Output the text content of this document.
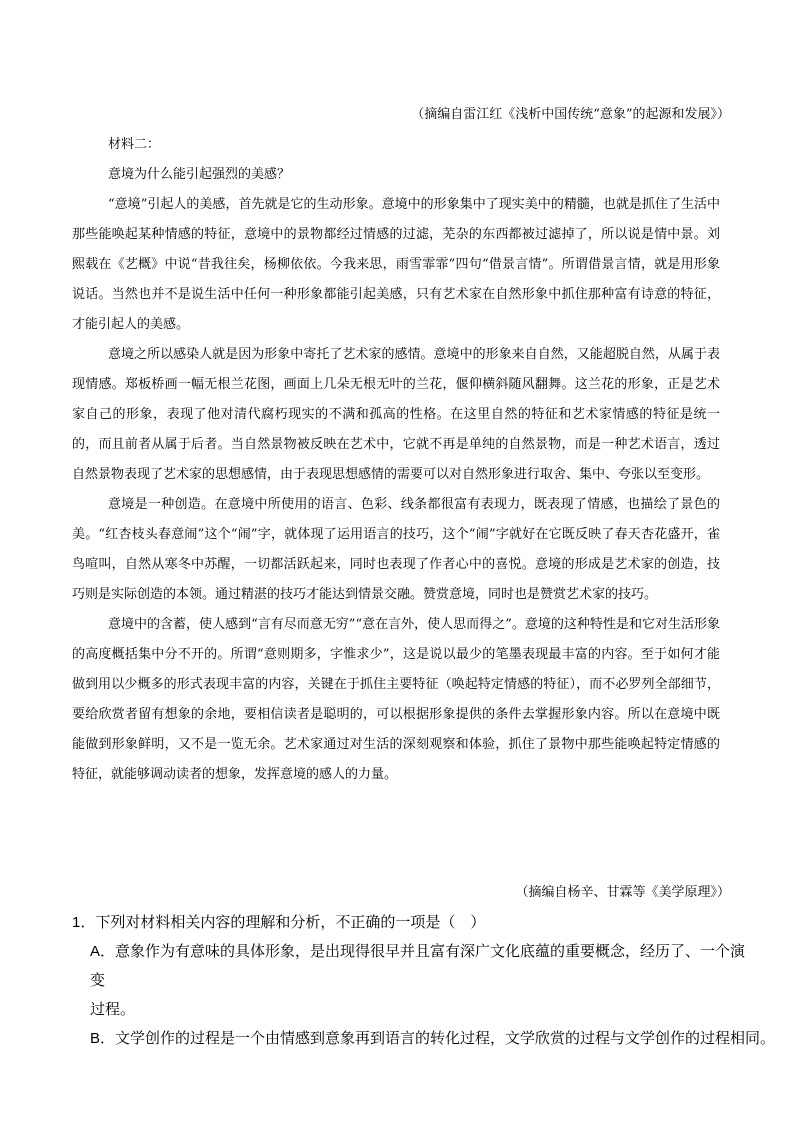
（摘编自雷江红《浅析中国传统“意象”的起源和发展》）
材料二：
意境为什么能引起强烈的美感？

“意境”引起人的美感，首先就是它的生动形象。意境中的形象集中了现实美中的精髓，也就是抓住了生活中那些能唤起某种情感的特征，意境中的景物都经过情感的过滤，芜杂的东西都被过滤掉了，所以说是情中景。刘熙载在《艺概》中说“昔我往矣，杨柳依依。今我来思，雨雪霏霏”四句“借景言情”。所谓借景言情，就是用形象说话。当然也并不是说生活中任何一种形象都能引起美感，只有艺术家在自然形象中抓住那种富有诗意的特征，才能引起人的美感。

意境之所以感染人就是因为形象中寄托了艺术家的感情。意境中的形象来自自然，又能超脱自然，从属于表现情感。郑板桥画一幅无根兰花图，画面上几朵无根无叶的兰花，偃仰横斜随风翻舞。这兰花的形象，正是艺术家自己的形象，表现了他对清代腐朽现实的不满和孤高的性格。在这里自然的特征和艺术家情感的特征是统一的，而且前者从属于后者。当自然景物被反映在艺术中，它就不再是单纯的自然景物，而是一种艺术语言，透过自然景物表现了艺术家的思想感情，由于表现思想感情的需要可以对自然形象进行取舍、集中、夸张以至变形。

意境是一种创造。在意境中所使用的语言、色彩、线条都很富有表现力，既表现了情感，也描绘了景色的美。“红杏枝头春意闹”这个“闹”字，就体现了运用语言的技巧，这个“闹”字就好在它既反映了春天杏花盛开，雀鸟喧叫，自然从寒冬中苏醒，一切都活跃起来，同时也表现了作者心中的喜悦。意境的形成是艺术家的创造，技巧则是实际创造的本领。通过精湛的技巧才能达到情景交融。赞赏意境，同时也是赞赏艺术家的技巧。

意境中的含蓄，使人感到“言有尽而意无穷”“意在言外，使人思而得之”。意境的这种特性是和它对生活形象的高度概括集中分不开的。所谓“意则期多，字惟求少”，这是说以最少的笔墨表现最丰富的内容。至于如何才能做到用以少概多的形式表现丰富的内容，关键在于抓住主要特征（唤起特定情感的特征），而不必罗列全部细节，要给欣赏者留有想象的余地，要相信读者是聪明的，可以根据形象提供的条件去掌握形象内容。所以在意境中既能做到形象鲜明，又不是一览无余。艺术家通过对生活的深刻观察和体验，抓住了景物中那些能唤起特定情感的特征，就能够调动读者的想象，发挥意境的感人的力量。

（摘编自杨辛、甘霖等《美学原理》）

1．下列对材料相关内容的理解和分析，不正确的一项是（　）

A．意象作为有意味的具体形象，是出现得很早并且富有深广文化底蕴的重要概念，经历了、一个演变
过程。

B．文学创作的过程是一个由情感到意象再到语言的转化过程，文学欣赏的过程与文学创作的过程相同。
